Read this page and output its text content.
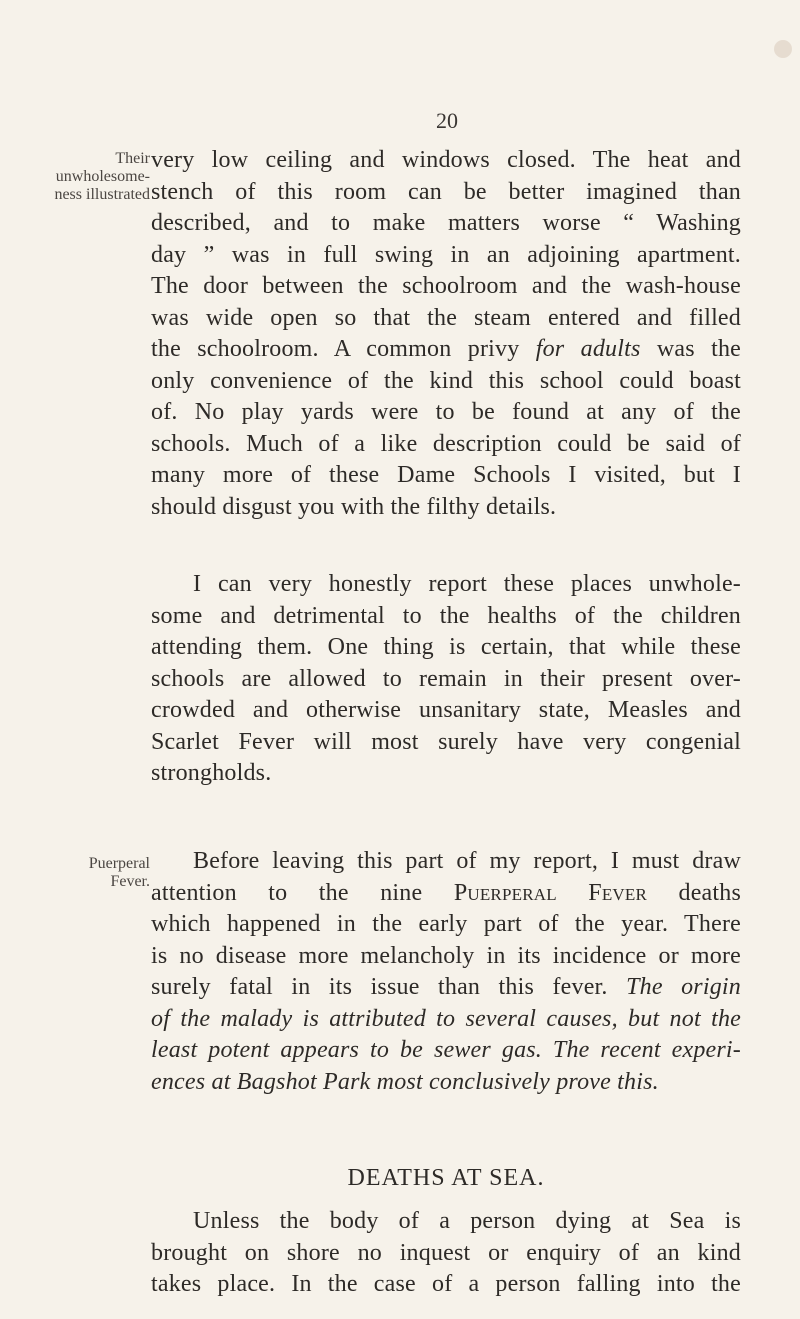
20
Their
unwholesome-
ness illustrated
Puerperal
Fever.
very low ceiling and windows closed. The heat and
stench of this room can be better imagined than
described, and to make matters worse “ Washing
day ” was in full swing in an adjoining apartment.
The door between the schoolroom and the wash-house
was wide open so that the steam entered and filled
the schoolroom. A common privy for adults was the
only convenience of the kind this school could boast
of. No play yards were to be found at any of the
schools. Much of a like description could be said of
many more of these Dame Schools I visited, but I
should disgust you with the filthy details.
I can very honestly report these places unwhole-
some and detrimental to the healths of the children
attending them. One thing is certain, that while these
schools are allowed to remain in their present over-
crowded and otherwise unsanitary state, Measles and
Scarlet Fever will most surely have very congenial
strongholds.
Before leaving this part of my report, I must draw
attention to the nine Puerperal Fever deaths
which happened in the early part of the year. There
is no disease more melancholy in its incidence or more
surely fatal in its issue than this fever. The origin
of the malady is attributed to several causes, but not the
least potent appears to be sewer gas. The recent experi-
ences at Bagshot Park most conclusively prove this.
DEATHS AT SEA.
Unless the body of a person dying at Sea is
brought on shore no inquest or enquiry of an kind
takes place. In the case of a person falling into the
